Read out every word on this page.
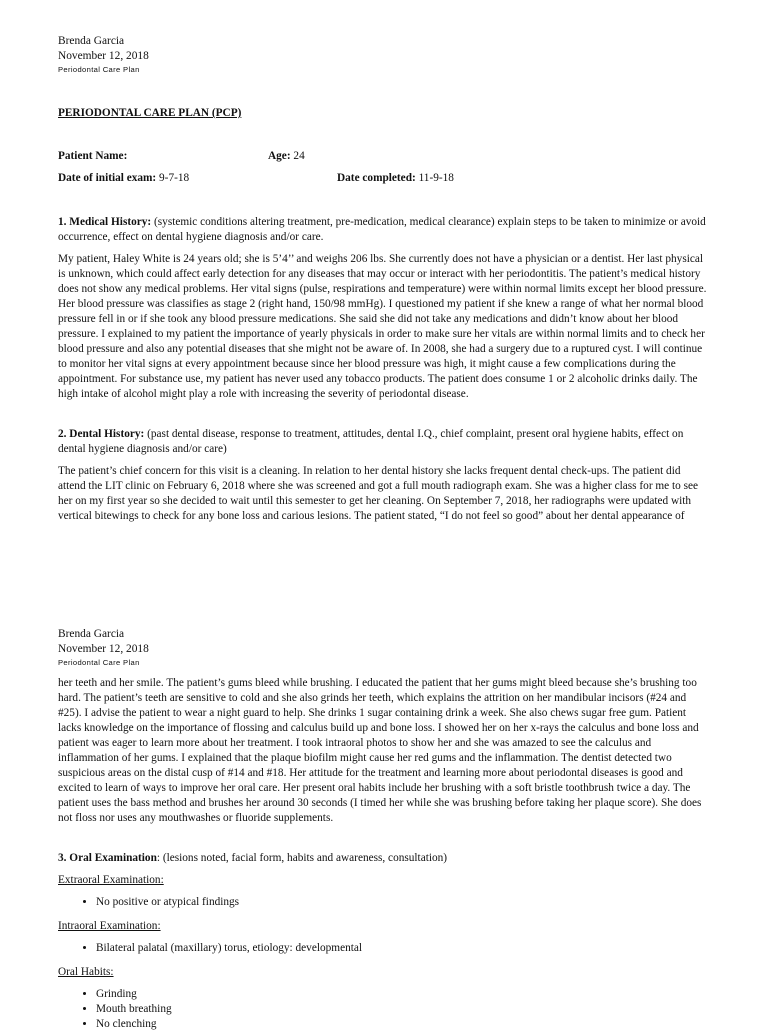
Brenda Garcia
November 12, 2018
Periodontal Care Plan
PERIODONTAL CARE PLAN (PCP)
Patient Name:	Age: 24
Date of initial exam: 9-7-18	Date completed: 11-9-18

1. Medical History: (systemic conditions altering treatment, pre-medication, medical clearance) explain steps to be taken to minimize or avoid occurrence, effect on dental hygiene diagnosis and/or care.

My patient, Haley White is 24 years old; she is 5’4’’ and weighs 206 lbs. She currently does not have a physician or a dentist. Her last physical is unknown, which could affect early detection for any diseases that may occur or interact with her periodontitis. The patient’s medical history does not show any medical problems. Her vital signs (pulse, respirations and temperature) were within normal limits except her blood pressure. Her blood pressure was classifies as stage 2 (right hand, 150/98 mmHg). I questioned my patient if she knew a range of what her normal blood pressure fell in or if she took any blood pressure medications. She said she did not take any medications and didn’t know about her blood pressure. I explained to my patient the importance of yearly physicals in order to make sure her vitals are within normal limits and to check her blood pressure and also any potential diseases that she might not be aware of. In 2008, she had a surgery due to a ruptured cyst. I will continue to monitor her vital signs at every appointment because since her blood pressure was high, it might cause a few complications during the appointment. For substance use, my patient has never used any tobacco products. The patient does consume 1 or 2 alcoholic drinks daily. The high intake of alcohol might play a role with increasing the severity of periodontal disease.

2. Dental History: (past dental disease, response to treatment, attitudes, dental I.Q., chief complaint, present oral hygiene habits, effect on dental hygiene diagnosis and/or care)

The patient’s chief concern for this visit is a cleaning. In relation to her dental history she lacks frequent dental check-ups. The patient did attend the LIT clinic on February 6, 2018 where she was screened and got a full mouth radiograph exam. She was a higher class for me to see her on my first year so she decided to wait until this semester to get her cleaning. On September 7, 2018, her radiographs were updated with vertical bitewings to check for any bone loss and carious lesions. The patient stated, “I do not feel so good” about her dental appearance of

Brenda Garcia
November 12, 2018
Periodontal Care Plan
her teeth and her smile. The patient’s gums bleed while brushing. I educated the patient that her gums might bleed because she’s brushing too hard. The patient’s teeth are sensitive to cold and she also grinds her teeth, which explains the attrition on her mandibular incisors (#24 and #25). I advise the patient to wear a night guard to help. She drinks 1 sugar containing drink a week. She also chews sugar free gum. Patient lacks knowledge on the importance of flossing and calculus build up and bone loss. I showed her on her x-rays the calculus and bone loss and patient was eager to learn more about her treatment. I took intraoral photos to show her and she was amazed to see the calculus and inflammation of her gums. I explained that the plaque biofilm might cause her red gums and the inflammation. The dentist detected two suspicious areas on the distal cusp of #14 and #18. Her attitude for the treatment and learning more about periodontal diseases is good and excited to learn of ways to improve her oral care. Her present oral habits include her brushing with a soft bristle toothbrush twice a day. The patient uses the bass method and brushes her around 30 seconds (I timed her while she was brushing before taking her plaque score). She does not floss nor uses any mouthwashes or fluoride supplements.

3. Oral Examination: (lesions noted, facial form, habits and awareness, consultation)

Extraoral Examination:

• No positive or atypical findings

Intraoral Examination:

• Bilateral palatal (maxillary) torus, etiology: developmental

Oral Habits:

• Grinding
• Mouth breathing
• No clenching
